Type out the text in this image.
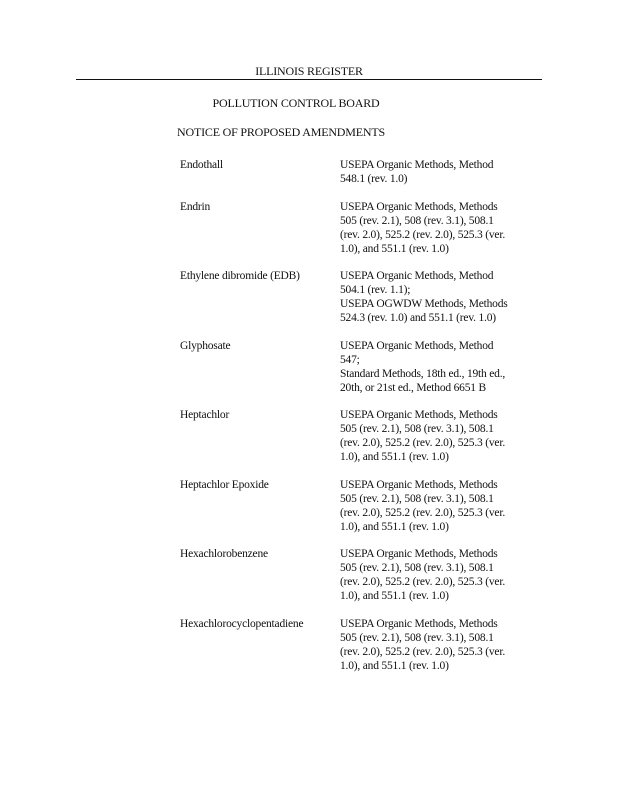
ILLINOIS REGISTER
POLLUTION CONTROL BOARD
NOTICE OF PROPOSED AMENDMENTS
Endothall	USEPA Organic Methods, Method
548.1 (rev. 1.0)
Endrin	USEPA Organic Methods, Methods
505 (rev. 2.1), 508 (rev. 3.1), 508.1
(rev. 2.0), 525.2 (rev. 2.0), 525.3 (ver.
1.0), and 551.1 (rev. 1.0)
Ethylene dibromide (EDB)	USEPA Organic Methods, Method
504.1 (rev. 1.1);
USEPA OGWDW Methods, Methods
524.3 (rev. 1.0) and 551.1 (rev. 1.0)
Glyphosate	USEPA Organic Methods, Method
547;
Standard Methods, 18th ed., 19th ed.,
20th, or 21st ed., Method 6651 B
Heptachlor	USEPA Organic Methods, Methods
505 (rev. 2.1), 508 (rev. 3.1), 508.1
(rev. 2.0), 525.2 (rev. 2.0), 525.3 (ver.
1.0), and 551.1 (rev. 1.0)
Heptachlor Epoxide	USEPA Organic Methods, Methods
505 (rev. 2.1), 508 (rev. 3.1), 508.1
(rev. 2.0), 525.2 (rev. 2.0), 525.3 (ver.
1.0), and 551.1 (rev. 1.0)
Hexachlorobenzene	USEPA Organic Methods, Methods
505 (rev. 2.1), 508 (rev. 3.1), 508.1
(rev. 2.0), 525.2 (rev. 2.0), 525.3 (ver.
1.0), and 551.1 (rev. 1.0)
Hexachlorocyclopentadiene	USEPA Organic Methods, Methods
505 (rev. 2.1), 508 (rev. 3.1), 508.1
(rev. 2.0), 525.2 (rev. 2.0), 525.3 (ver.
1.0), and 551.1 (rev. 1.0)
